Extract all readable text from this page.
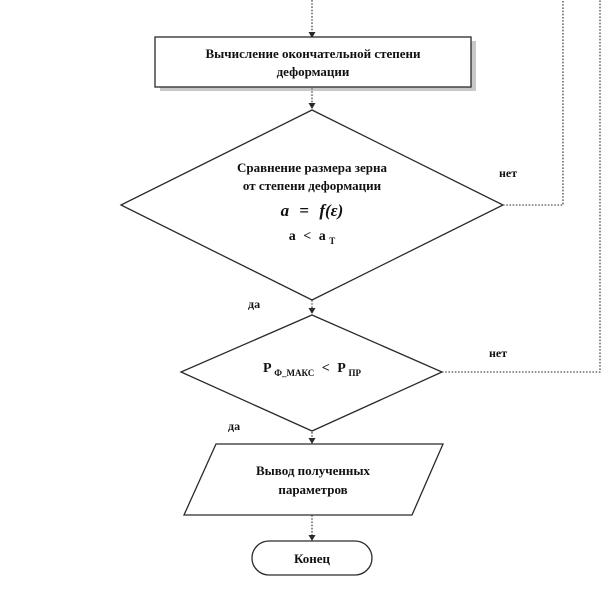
Вычисление окончательной степени
деформации
Сравнение размера зерна
от степени деформации
a = f(ε)
a < a $_T$
P $_{Ф\_МАКС}$ < P $_{ПР}$
Вывод полученных
параметров
Конец
нет
да
нет
да
